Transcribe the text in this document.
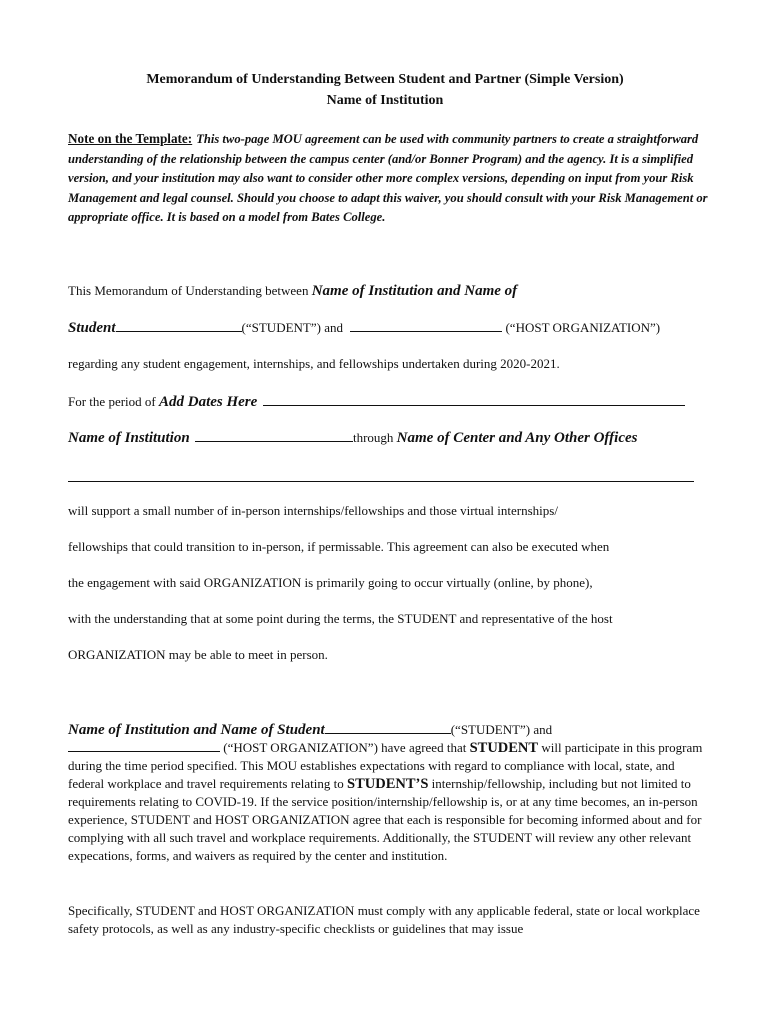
Memorandum of Understanding Between Student and Partner (Simple Version)
Name of Institution
Note on the Template: This two-page MOU agreement can be used with community partners to create a straightforward understanding of the relationship between the campus center (and/or Bonner Program) and the agency. It is a simplified version, and your institution may also want to consider other more complex versions, depending on input from your Risk Management and legal counsel. Should you choose to adapt this waiver, you should consult with your Risk Management or appropriate office. It is based on a model from Bates College.
This Memorandum of Understanding between Name of Institution and Name of
Student	(“STUDENT”) and	(“HOST ORGANIZATION”)
regarding any student engagement, internships, and fellowships undertaken during 2020-2021.
For the period of Add Dates Here
Name of Institution	through Name of Center and Any Other Offices
will support a small number of in-person internships/fellowships and those virtual internships/
fellowships that could transition to in-person, if permissable. This agreement can also be executed when
the engagement with said ORGANIZATION is primarily going to occur virtually (online, by phone),
with the understanding that at some point during the terms, the STUDENT and representative of the host
ORGANIZATION may be able to meet in person.
Name of Institution and Name of Student	(“STUDENT”) and
(“HOST ORGANIZATION”) have agreed that STUDENT will participate in this program during the time period specified. This MOU establishes expectations with regard to compliance with local, state, and federal workplace and travel requirements relating to STUDENT’S internship/fellowship, including but not limited to requirements relating to COVID-19. If the service position/internship/fellowship is, or at any time becomes, an in-person experience, STUDENT and HOST ORGANIZATION agree that each is responsible for becoming informed about and for complying with all such travel and workplace requirements. Additionally, the STUDENT will review any other relevant expecations, forms, and waivers as required by the center and institution.
Specifically, STUDENT and HOST ORGANIZATION must comply with any applicable federal, state or local workplace safety protocols, as well as any industry-specific checklists or guidelines that may issue
